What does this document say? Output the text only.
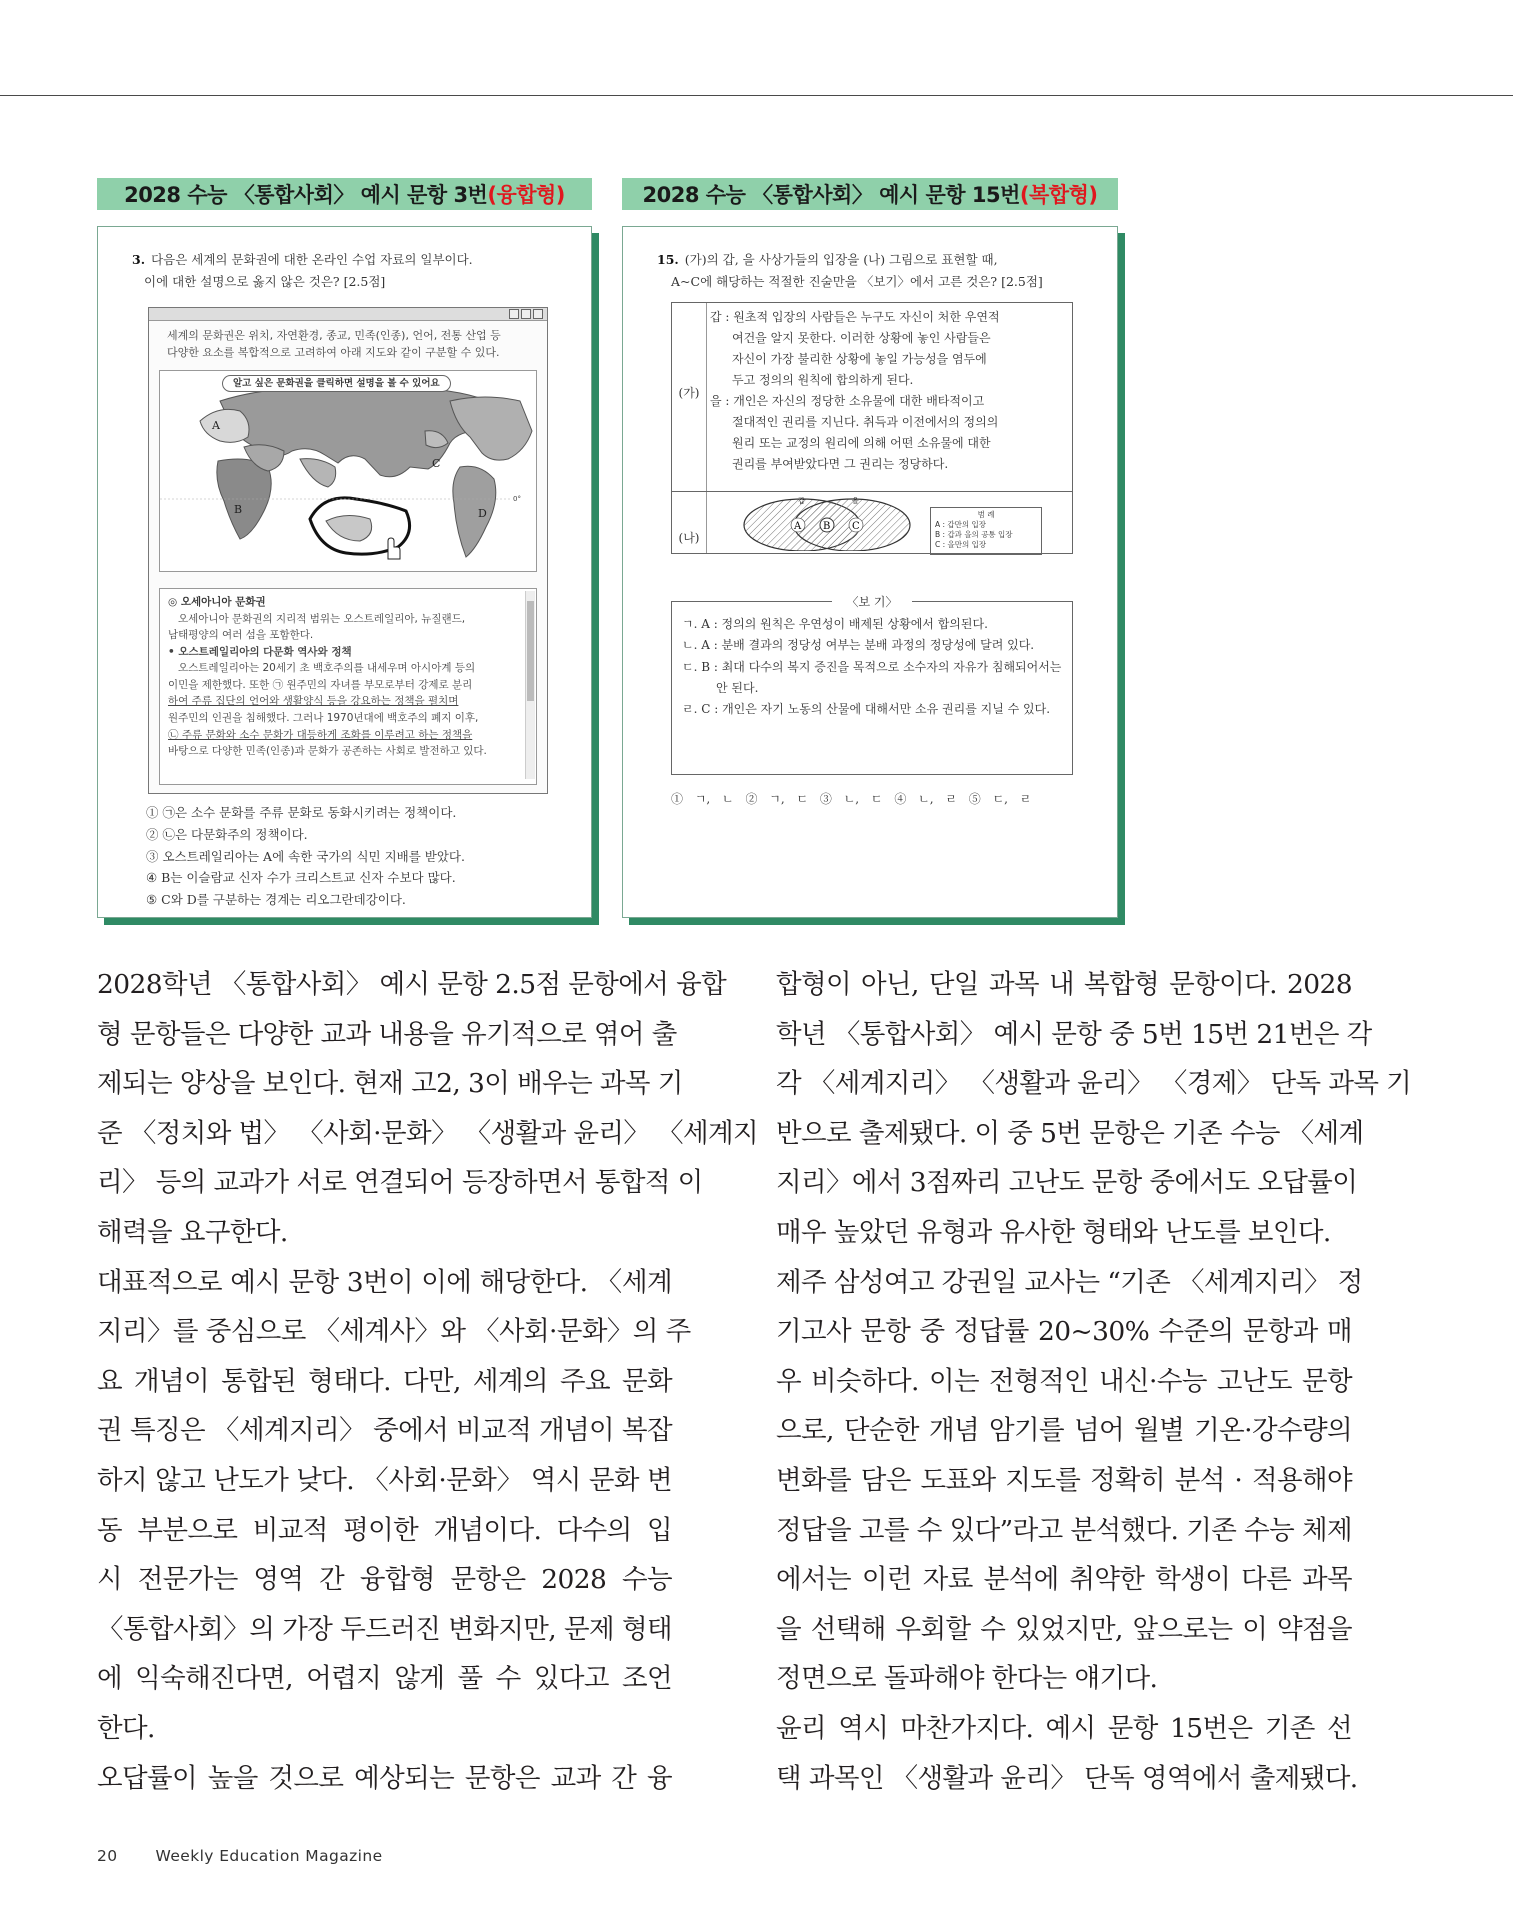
2028 수능 〈통합사회〉 예시 문항 3번 (융합형)
3. 다음은 세계의 문화권에 대한 온라인 수업 자료의 일부이다.
이에 대한 설명으로 옳지 않은 것은? [2.5점]
세계의 문화권은 위치, 자연환경, 종교, 민족(인종), 언어, 전통 산업 등
다양한 요소를 복합적으로 고려하여 아래 지도와 같이 구분할 수 있다.
A
B
C
D
0°
알고 싶은 문화권을 클릭하면 설명을 볼 수 있어요
◎ 오세아니아 문화권
오세아니아 문화권의 지리적 범위는 오스트레일리아, 뉴질랜드,
남태평양의 여러 섬을 포함한다.
• 오스트레일리아의 다문화 역사와 정책
오스트레일리아는 20세기 초 백호주의를 내세우며 아시아계 등의
이민을 제한했다. 또한 ㉠ 원주민의 자녀를 부모로부터 강제로 분리
하여 주류 집단의 언어와 생활양식 등을 강요하는 정책을 펼치며
원주민의 인권을 침해했다. 그러나 1970년대에 백호주의 폐지 이후,
㉡ 주류 문화와 소수 문화가 대등하게 조화를 이루려고 하는 정책을
바탕으로 다양한 민족(인종)과 문화가 공존하는 사회로 발전하고 있다.
① ㉠은 소수 문화를 주류 문화로 동화시키려는 정책이다.
② ㉡은 다문화주의 정책이다.
③ 오스트레일리아는 A에 속한 국가의 식민 지배를 받았다.
④ B는 이슬람교 신자 수가 크리스트교 신자 수보다 많다.
⑤ C와 D를 구분하는 경계는 리오그란데강이다.
2028 수능 〈통합사회〉 예시 문항 15번 (복합형)
15. (가)의 갑, 을 사상가들의 입장을 (나) 그림으로 표현할 때,
A~C에 해당하는 적절한 진술만을 〈보기〉에서 고른 것은? [2.5점]
(가)

갑 : 원초적 입장의 사람들은 누구도 자신이 처한 우연적

여건을 알지 못한다. 이러한 상황에 놓인 사람들은

자신이 가장 불리한 상황에 놓일 가능성을 염두에

두고 정의의 원칙에 합의하게 된다.

을 : 개인은 자신의 정당한 소유물에 대한 배타적이고

절대적인 권리를 지닌다. 취득과 이전에서의 정의의

원리 또는 교정의 원리에 의해 어떤 소유물에 대한

권리를 부여받았다면 그 권리는 정당하다.

(나)
A B C
갑	을
범 례
A : 갑만의 입장
B : 갑과 을의 공통 입장
C : 을만의 입장
〈보 기〉

ㄱ. A : 정의의 원칙은 우연성이 배제된 상황에서 합의된다.

ㄴ. A : 분배 결과의 정당성 여부는 분배 과정의 정당성에 달려 있다.

ㄷ. B : 최대 다수의 복지 증진을 목적으로 소수자의 자유가 침해되어서는 안 된다.

ㄹ. C : 개인은 자기 노동의 산물에 대해서만 소유 권리를 지닐 수 있다.

① ㄱ, ㄴ ② ㄱ, ㄷ ③ ㄴ, ㄷ ④ ㄴ, ㄹ ⑤ ㄷ, ㄹ
2028학년 〈통합사회〉 예시 문항 2.5점 문항에서 융합
형 문항들은 다양한 교과 내용을 유기적으로 엮어 출
제되는 양상을 보인다. 현재 고2, 3이 배우는 과목 기
준 〈정치와 법〉 〈사회·문화〉 〈생활과 윤리〉 〈세계지
리〉 등의 교과가 서로 연결되어 등장하면서 통합적 이
해력을 요구한다.
대표적으로 예시 문항 3번이 이에 해당한다. 〈세계
지리〉를 중심으로 〈세계사〉와 〈사회·문화〉의 주
요 개념이 통합된 형태다. 다만, 세계의 주요 문화
권 특징은 〈세계지리〉 중에서 비교적 개념이 복잡
하지 않고 난도가 낮다. 〈사회·문화〉 역시 문화 변
동 부분으로 비교적 평이한 개념이다. 다수의 입
시 전문가는 영역 간 융합형 문항은 2028 수능
〈통합사회〉의 가장 두드러진 변화지만, 문제 형태
에 익숙해진다면, 어렵지 않게 풀 수 있다고 조언
한다.
오답률이 높을 것으로 예상되는 문항은 교과 간 융
합형이 아닌, 단일 과목 내 복합형 문항이다. 2028
학년 〈통합사회〉 예시 문항 중 5번 15번 21번은 각
각 〈세계지리〉 〈생활과 윤리〉 〈경제〉 단독 과목 기
반으로 출제됐다. 이 중 5번 문항은 기존 수능 〈세계
지리〉에서 3점짜리 고난도 문항 중에서도 오답률이
매우 높았던 유형과 유사한 형태와 난도를 보인다.
제주 삼성여고 강권일 교사는 “기존 〈세계지리〉 정
기고사 문항 중 정답률 20~30% 수준의 문항과 매
우 비슷하다. 이는 전형적인 내신·수능 고난도 문항
으로, 단순한 개념 암기를 넘어 월별 기온·강수량의
변화를 담은 도표와 지도를 정확히 분석 · 적용해야
정답을 고를 수 있다”라고 분석했다. 기존 수능 체제
에서는 이런 자료 분석에 취약한 학생이 다른 과목
을 선택해 우회할 수 있었지만, 앞으로는 이 약점을
정면으로 돌파해야 한다는 얘기다.
윤리 역시 마찬가지다. 예시 문항 15번은 기존 선
택 과목인 〈생활과 윤리〉 단독 영역에서 출제됐다.
20 Weekly Education Magazine
